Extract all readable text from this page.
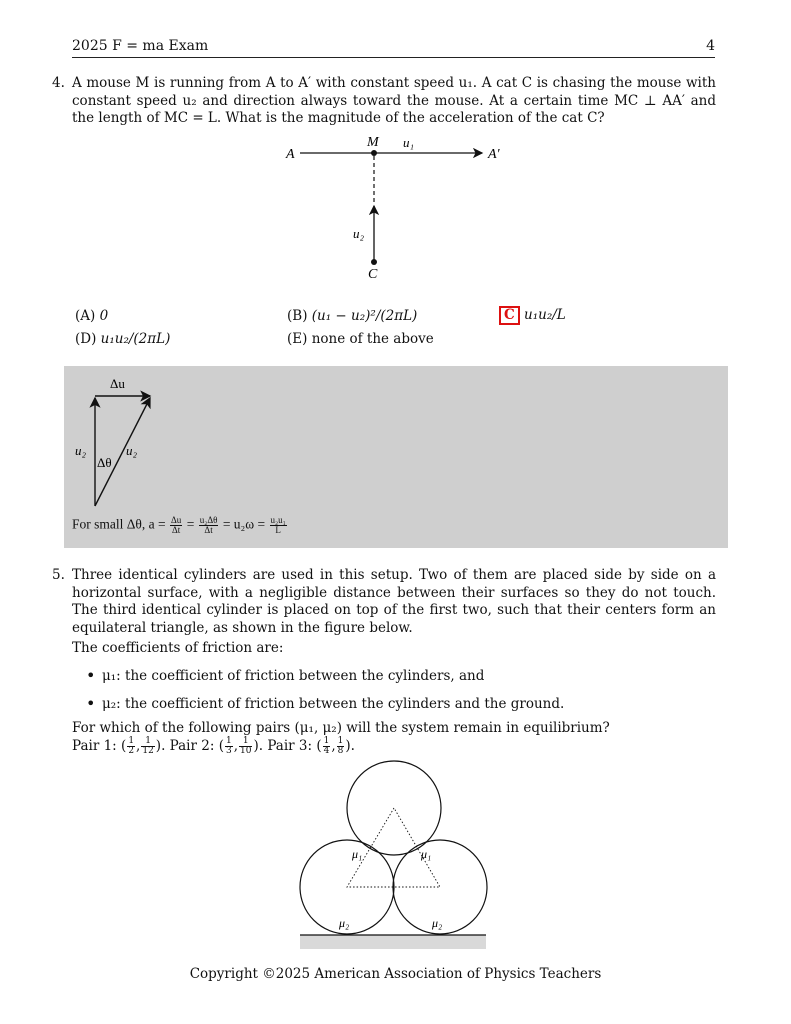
2025 F = ma Exam	4
4. A mouse M is running from A to A′ with constant speed u₁. A cat C is chasing the mouse with constant speed u₂ and direction always toward the mouse. At a certain time MC ⊥ AA′ and the length of MC = L. What is the magnitude of the acceleration of the cat C?
A	A′
M u₁
u₂
C
(A) 0	(B) (u₁ − u₂)²/(2πL)	C u₁u₂/L
(D) u₁u₂/(2πL)	(E) none of the above
Δu
u₂	u₂
Δθ
For small Δθ, $a = \frac{\Delta u}{\Delta t} = \frac{\text{u₂Δθ}}{\Delta t} = u_2\omega = \frac{\text{u₂u₁}}{L}$
5. Three identical cylinders are used in this setup. Two of them are placed side by side on a horizontal surface, with a negligible distance between their surfaces so they do not touch. The third identical cylinder is placed on top of the first two, such that their centers form an equilateral triangle, as shown in the figure below.
The coefficients of friction are:
• μ₁: the coefficient of friction between the cylinders, and
• μ₂: the coefficient of friction between the cylinders and the ground.
For which of the following pairs (μ₁, μ₂) will the system remain in equilibrium?
Pair 1: ( $\frac{1}{2}$ , $\frac{1}{12}$ ). Pair 2: ( $\frac{1}{3}$ , $\frac{1}{10}$ ). Pair 3: ( $\frac{1}{4}$ , $\frac{1}{8}$ ).
μ₁	μ₁
μ₂	μ₂
Copyright ©2025 American Association of Physics Teachers
